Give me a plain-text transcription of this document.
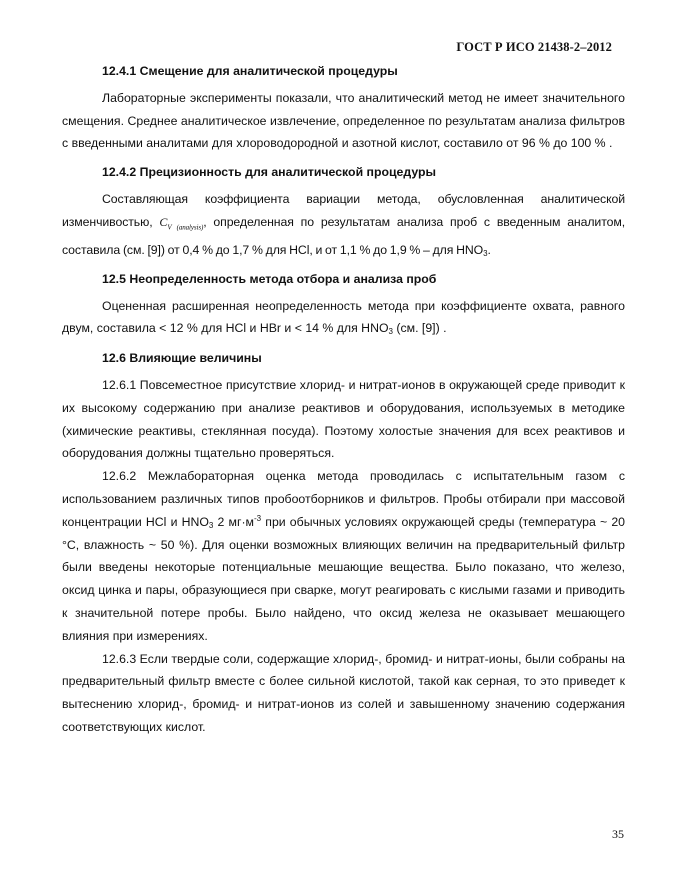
ГОСТ Р ИСО 21438-2–2012
12.4.1 Смещение для аналитической процедуры

Лабораторные эксперименты показали, что аналитический метод не имеет значительного смещения. Среднее аналитическое извлечение, определенное по результатам анализа фильтров с введенными аналитами для хлороводородной и азотной кислот, составило от 96 % до 100 % .

12.4.2 Прецизионность для аналитической процедуры

Составляющая коэффициента вариации метода, обусловленная аналитической изменчивостью, $C_{V (analysis)}$, определенная по результатам анализа проб с введенным аналитом, составила (см. [9]) от 0,4 % до 1,7 % для HCl, и от 1,1 % до 1,9 % – для $HNO_3$.

12.5 Неопределенность метода отбора и анализа проб

Оцененная расширенная неопределенность метода при коэффициенте охвата, равного двум, составила < 12 % для HCl и HBr и < 14 % для $HNO_3$ (см. [9]) .

12.6 Влияющие величины

12.6.1 Повсеместное присутствие хлорид- и нитрат-ионов в окружающей среде приводит к их высокому содержанию при анализе реактивов и оборудования, используемых в методике (химические реактивы, стеклянная посуда). Поэтому холостые значения для всех реактивов и оборудования должны тщательно проверяться.

12.6.2 Межлабораторная оценка метода проводилась с испытательным газом с использованием различных типов пробоотборников и фильтров. Пробы отбирали при массовой концентрации HCl и $HNO_3$ 2 $мг\cdot м^{-3}$ при обычных условиях окружающей среды (температура ~ 20 °С, влажность ~ 50 %). Для оценки возможных влияющих величин на предварительный фильтр были введены некоторые потенциальные мешающие вещества. Было показано, что железо, оксид цинка и пары, образующиеся при сварке, могут реагировать с кислыми газами и приводить к значительной потере пробы. Было найдено, что оксид железа не оказывает мешающего влияния при измерениях.

12.6.3 Если твердые соли, содержащие хлорид-, бромид- и нитрат-ионы, были собраны на предварительный фильтр вместе с более сильной кислотой, такой как серная, то это приведет к вытеснению хлорид-, бромид- и нитрат-ионов из солей и завышенному значению содержания соответствующих кислот.

35
